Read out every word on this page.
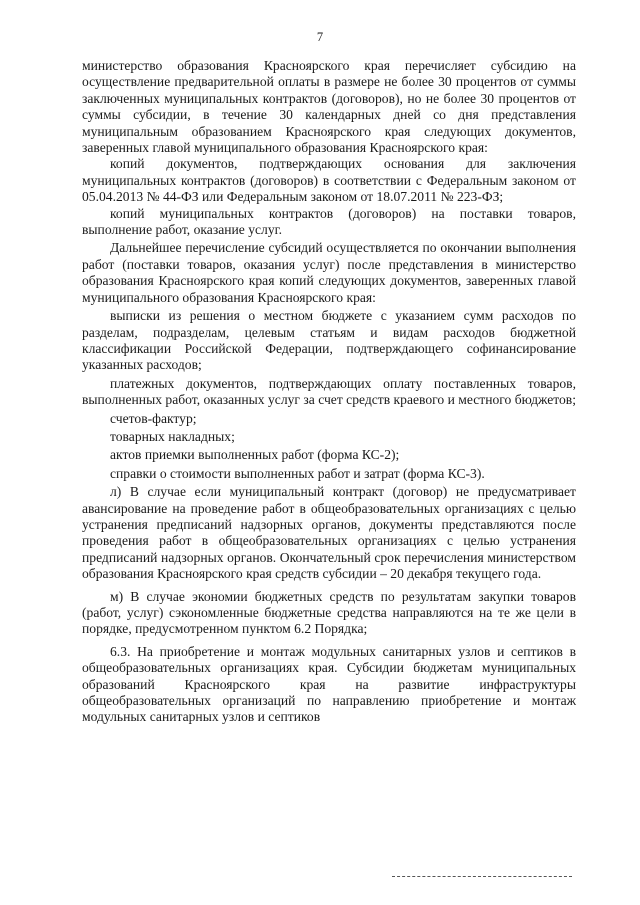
7

министерство образования Красноярского края перечисляет субсидию на осуществление предварительной оплаты в размере не более 30 процентов от суммы заключенных муниципальных контрактов (договоров), но не более 30 процентов от суммы субсидии, в течение 30 календарных дней со дня представления муниципальным образованием Красноярского края следующих документов, заверенных главой муниципального образования Красноярского края:

копий документов, подтверждающих основания для заключения муниципальных контрактов (договоров) в соответствии с Федеральным законом от 05.04.2013 № 44-ФЗ или Федеральным законом от 18.07.2011 № 223-ФЗ;

копий муниципальных контрактов (договоров) на поставки товаров, выполнение работ, оказание услуг.

Дальнейшее перечисление субсидий осуществляется по окончании выполнения работ (поставки товаров, оказания услуг) после представления в министерство образования Красноярского края копий следующих документов, заверенных главой муниципального образования Красноярского края:

выписки из решения о местном бюджете с указанием сумм расходов по разделам, подразделам, целевым статьям и видам расходов бюджетной классификации Российской Федерации, подтверждающего софинансирование указанных расходов;

платежных документов, подтверждающих оплату поставленных товаров, выполненных работ, оказанных услуг за счет средств краевого и местного бюджетов;

счетов-фактур;

товарных накладных;

актов приемки выполненных работ (форма КС-2);

справки о стоимости выполненных работ и затрат (форма КС-3).

л) В случае если муниципальный контракт (договор) не предусматривает авансирование на проведение работ в общеобразовательных организациях с целью устранения предписаний надзорных органов, документы представляются после проведения работ в общеобразовательных организациях с целью устранения предписаний надзорных органов. Окончательный срок перечисления министерством образования Красноярского края средств субсидии – 20 декабря текущего года.

м) В случае экономии бюджетных средств по результатам закупки товаров (работ, услуг) сэкономленные бюджетные средства направляются на те же цели в порядке, предусмотренном пунктом 6.2 Порядка;

6.3. На приобретение и монтаж модульных санитарных узлов и септиков в общеобразовательных организациях края. Субсидии бюджетам муниципальных образований Красноярского края на развитие инфраструктуры общеобразовательных организаций по направлению приобретение и монтаж модульных санитарных узлов и септиков
